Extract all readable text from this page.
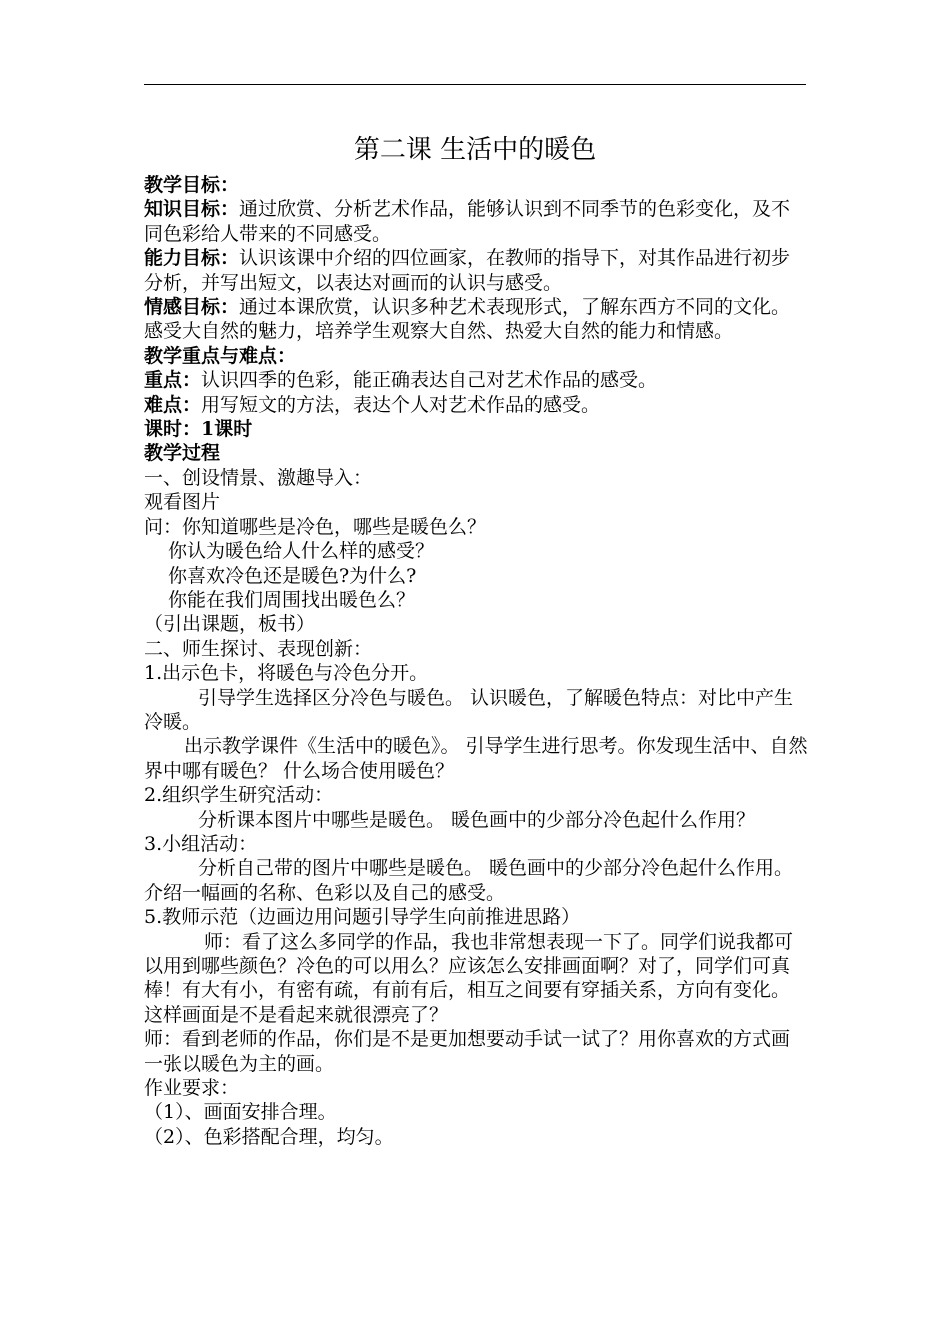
第二课 生活中的暖色

教学目标：

知识目标：通过欣赏、分析艺术作品，能够认识到不同季节的色彩变化，及不同色彩给人带来的不同感受。

能力目标：认识该课中介绍的四位画家，在教师的指导下，对其作品进行初步分析，并写出短文，以表达对画而的认识与感受。

情感目标：通过本课欣赏，认识多种艺术表现形式，了解东西方不同的文化。感受大自然的魅力，培养学生观察大自然、热爱大自然的能力和情感。

教学重点与难点：

重点：认识四季的色彩，能正确表达自己对艺术作品的感受。

难点：用写短文的方法，表达个人对艺术作品的感受。

课时：1课时

教学过程

一、创设情景、激趣导入：

观看图片

问：你知道哪些是冷色，哪些是暖色么？

你认为暖色给人什么样的感受？

你喜欢冷色还是暖色?为什么?

你能在我们周围找出暖色么？

（引出课题，板书）

二、师生探讨、表现创新：

1.出示色卡，将暖色与冷色分开。

引导学生选择区分冷色与暖色。 认识暖色，了解暖色特点：对比中产生冷暖。

出示教学课件《生活中的暖色》。 引导学生进行思考。你发现生活中、自然界中哪有暖色？ 什么场合使用暖色？

2.组织学生研究活动：

分析课本图片中哪些是暖色。 暖色画中的少部分冷色起什么作用？

3.小组活动：

分析自己带的图片中哪些是暖色。 暖色画中的少部分冷色起什么作用。 介绍一幅画的名称、色彩以及自己的感受。

5.教师示范（边画边用问题引导学生向前推进思路）

师：看了这么多同学的作品，我也非常想表现一下了。同学们说我都可以用到哪些颜色？冷色的可以用么？应该怎么安排画面啊？对了，同学们可真棒！有大有小，有密有疏，有前有后，相互之间要有穿插关系，方向有变化。这样画面是不是看起来就很漂亮了？

师：看到老师的作品，你们是不是更加想要动手试一试了？用你喜欢的方式画一张以暖色为主的画。

作业要求：

（1）、画面安排合理。

（2）、色彩搭配合理，均匀。
